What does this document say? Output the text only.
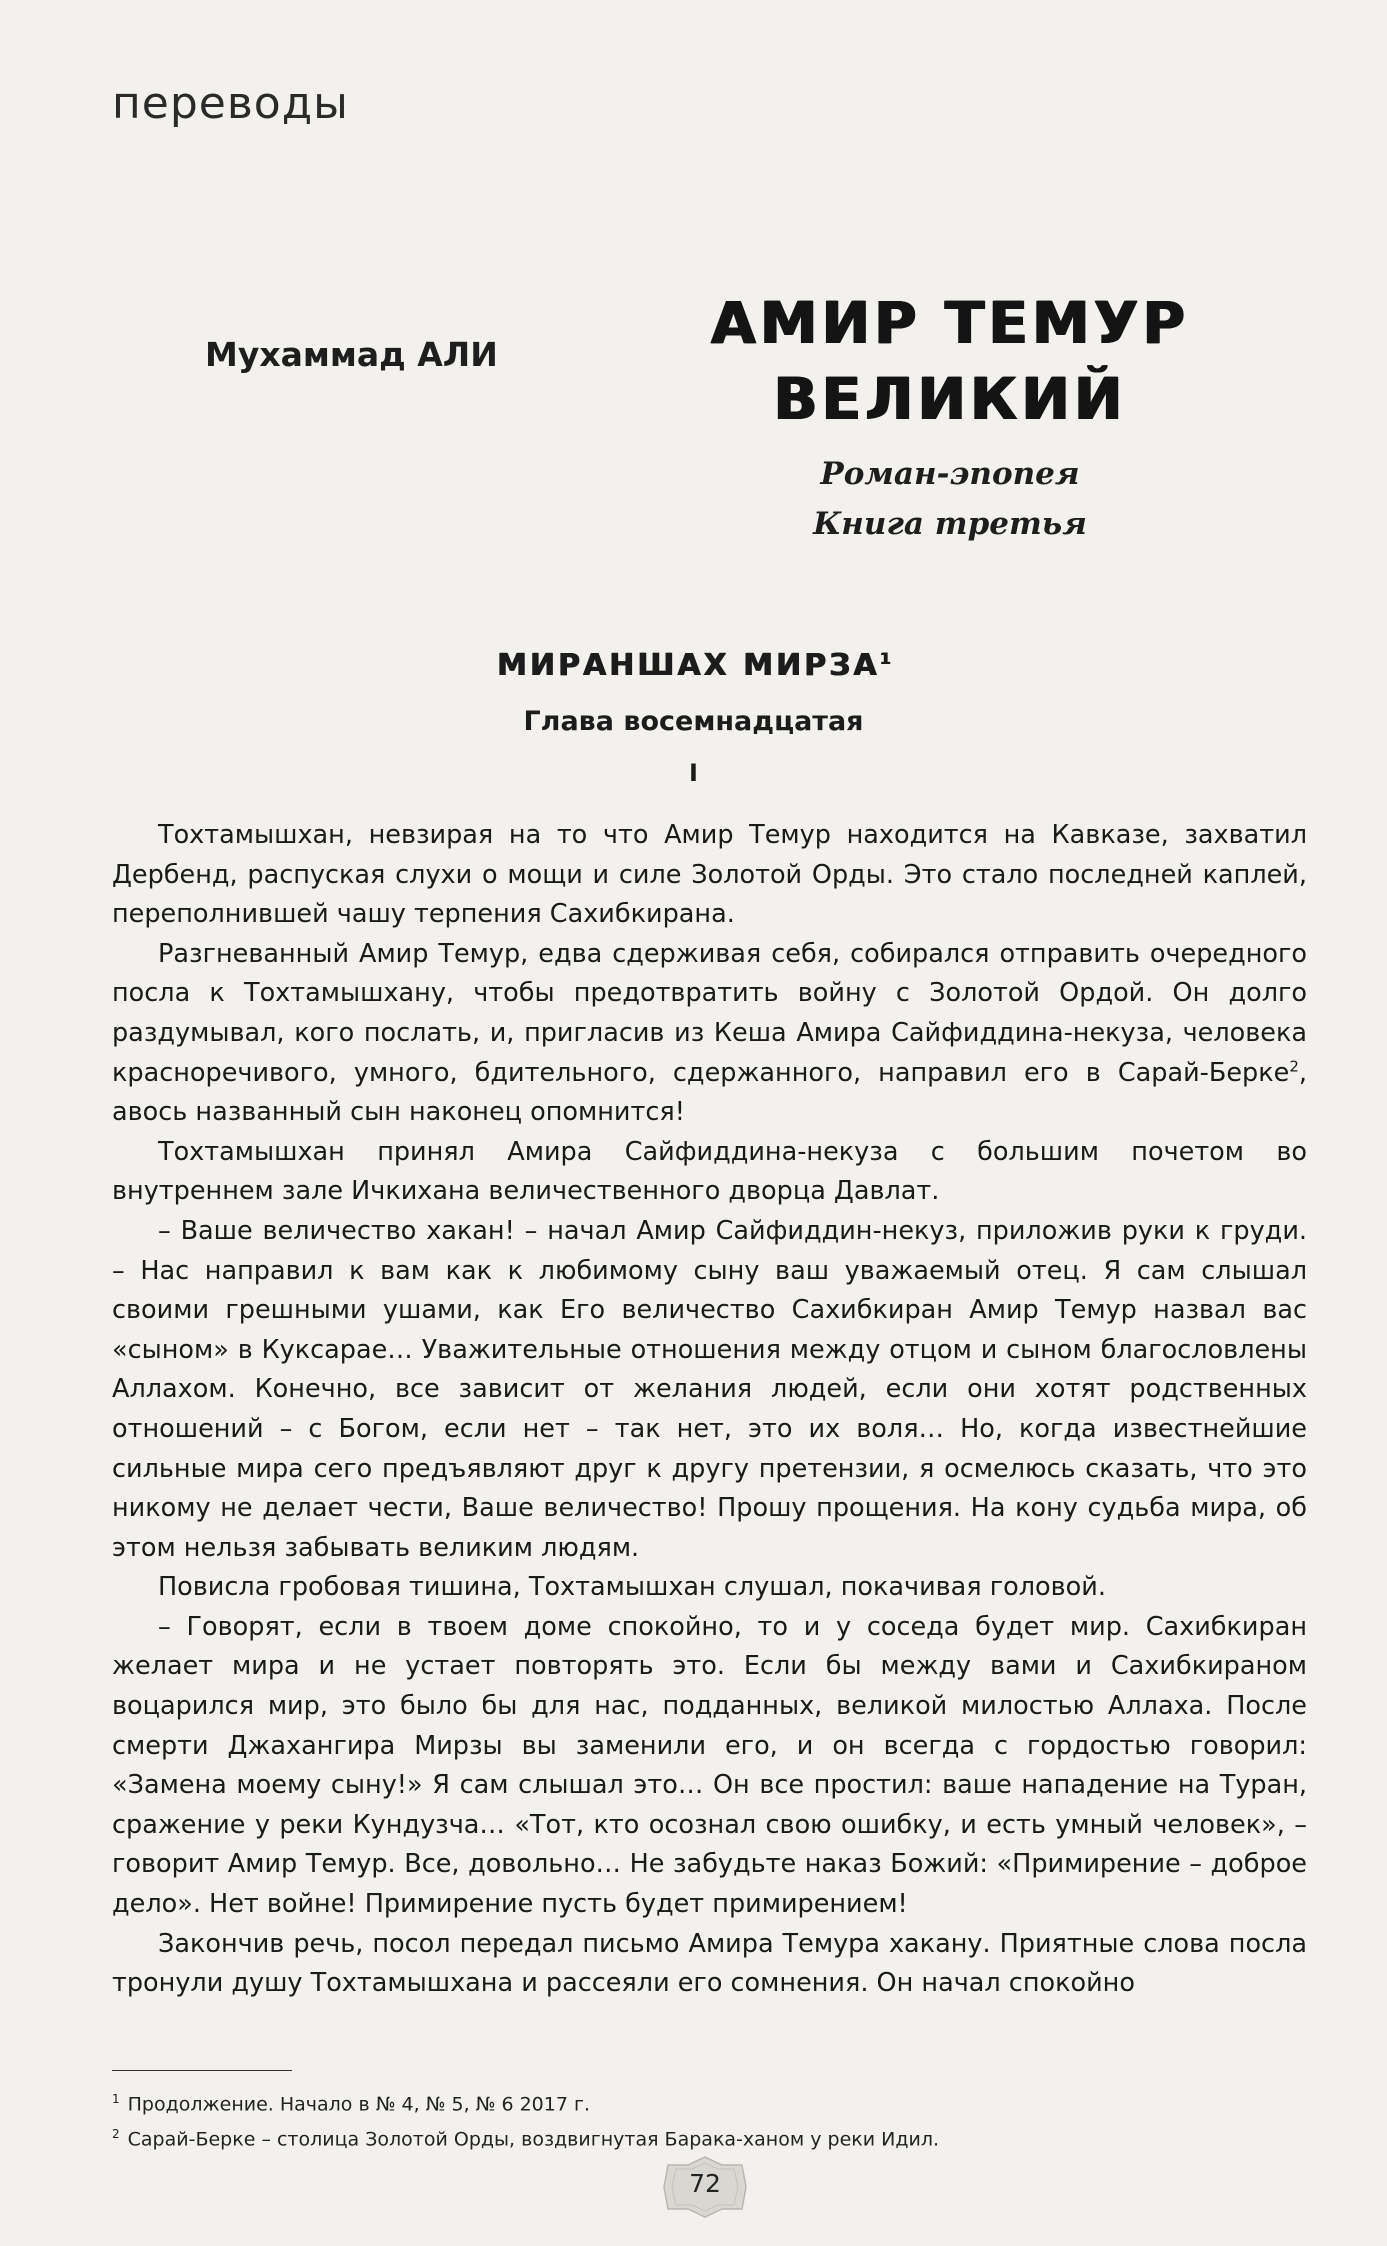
переводы
Мухаммад АЛИ	АМИР ТЕМУР
ВЕЛИКИЙ
Роман-эпопея
Книга третья
МИРАНШАХ МИРЗА$^1$
Глава восемнадцатая
I

Тохтамышхан, невзирая на то что Амир Темур находится на Кавказе, захватил Дербенд, распуская слухи о мощи и силе Золотой Орды. Это стало последней каплей, переполнившей чашу терпения Сахибкирана.

Разгневанный Амир Темур, едва сдерживая себя, собирался отправить очередного посла к Тохтамышхану, чтобы предотвратить войну с Золотой Ордой. Он долго раздумывал, кого послать, и, пригласив из Кеша Амира Сайфиддина-некуза, человека красноречивого, умного, бдительного, сдержанного, направил его в Сарай-Берке$^2$, авось названный сын наконец опомнится!

Тохтамышхан принял Амира Сайфиддина-некуза с большим почетом во внутреннем зале Ичкихана величественного дворца Давлат.

– Ваше величество хакан! – начал Амир Сайфиддин-некуз, приложив руки к груди. – Нас направил к вам как к любимому сыну ваш уважаемый отец. Я сам слышал своими грешными ушами, как Его величество Сахибкиран Амир Темур назвал вас «сыном» в Куксарае… Уважительные отношения между отцом и сыном благословлены Аллахом. Конечно, все зависит от желания людей, если они хотят родственных отношений – с Богом, если нет – так нет, это их воля… Но, когда известнейшие сильные мира сего предъявляют друг к другу претензии, я осмелюсь сказать, что это никому не делает чести, Ваше величество! Прошу прощения. На кону судьба мира, об этом нельзя забывать великим людям.

Повисла гробовая тишина, Тохтамышхан слушал, покачивая головой.

– Говорят, если в твоем доме спокойно, то и у соседа будет мир. Сахибкиран желает мира и не устает повторять это. Если бы между вами и Сахибкираном воцарился мир, это было бы для нас, подданных, великой милостью Аллаха. После смерти Джахангира Мирзы вы заменили его, и он всегда с гордостью говорил: «Замена моему сыну!» Я сам слышал это… Он все простил: ваше нападение на Туран, сражение у реки Кундузча… «Тот, кто осознал свою ошибку, и есть умный человек», – говорит Амир Темур. Все, довольно… Не забудьте наказ Божий: «Примирение – доброе дело». Нет войне! Примирение пусть будет примирением!

Закончив речь, посол передал письмо Амира Темура хакану. Приятные слова посла тронули душу Тохтамышхана и рассеяли его сомнения. Он начал спокойно

$^1$ Продолжение. Начало в № 4, № 5, № 6 2017 г.
$^2$ Сарай-Берке – столица Золотой Орды, воздвигнутая Барака-ханом у реки Идил.
72
